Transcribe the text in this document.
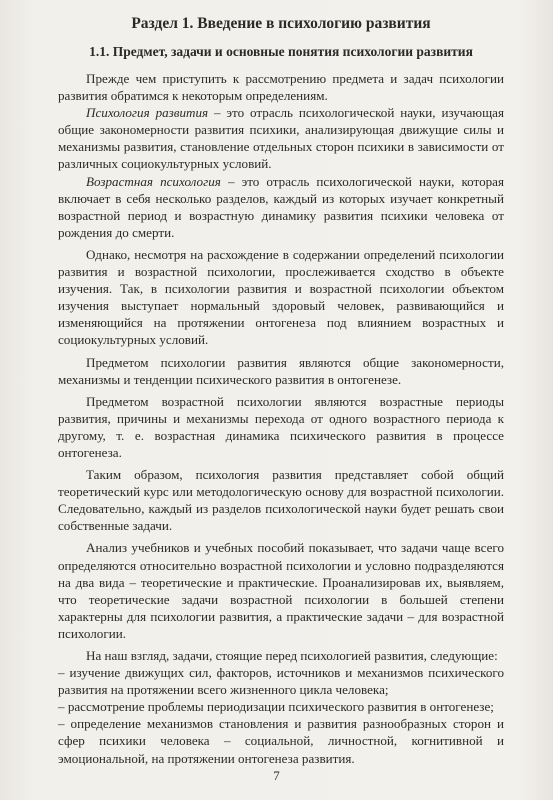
Раздел 1. Введение в психологию развития
1.1. Предмет, задачи и основные понятия психологии развития

Прежде чем приступить к рассмотрению предмета и задач психологии развития обратимся к некоторым определениям.

Психология развития – это отрасль психологической науки, изучающая общие закономерности развития психики, анализирующая движущие силы и механизмы развития, становление отдельных сторон психики в зависимости от различных социокультурных условий.

Возрастная психология – это отрасль психологической науки, которая включает в себя несколько разделов, каждый из которых изучает конкретный возрастной период и возрастную динамику развития психики человека от рождения до смерти.

Однако, несмотря на расхождение в содержании определений психологии развития и возрастной психологии, прослеживается сходство в объекте изучения. Так, в психологии развития и возрастной психологии объектом изучения выступает нормальный здоровый человек, развивающийся и изменяющийся на протяжении онтогенеза под влиянием возрастных и социокультурных условий.

Предметом психологии развития являются общие закономерности, механизмы и тенденции психического развития в онтогенезе.

Предметом возрастной психологии являются возрастные периоды развития, причины и механизмы перехода от одного возрастного периода к другому, т. е. возрастная динамика психического развития в процессе онтогенеза.

Таким образом, психология развития представляет собой общий теоретический курс или методологическую основу для возрастной психологии. Следовательно, каждый из разделов психологической науки будет решать свои собственные задачи.

Анализ учебников и учебных пособий показывает, что задачи чаще всего определяются относительно возрастной психологии и условно подразделяются на два вида – теоретические и практические. Проанализировав их, выявляем, что теоретические задачи возрастной психологии в большей степени характерны для психологии развития, а практические задачи – для возрастной психологии.

На наш взгляд, задачи, стоящие перед психологией развития, следующие:

– изучение движущих сил, факторов, источников и механизмов психического развития на протяжении всего жизненного цикла человека;

– рассмотрение проблемы периодизации психического развития в онтогенезе;

– определение механизмов становления и развития разнообразных сторон и сфер психики человека – социальной, личностной, когнитивной и эмоциональной, на протяжении онтогенеза развития.

7
